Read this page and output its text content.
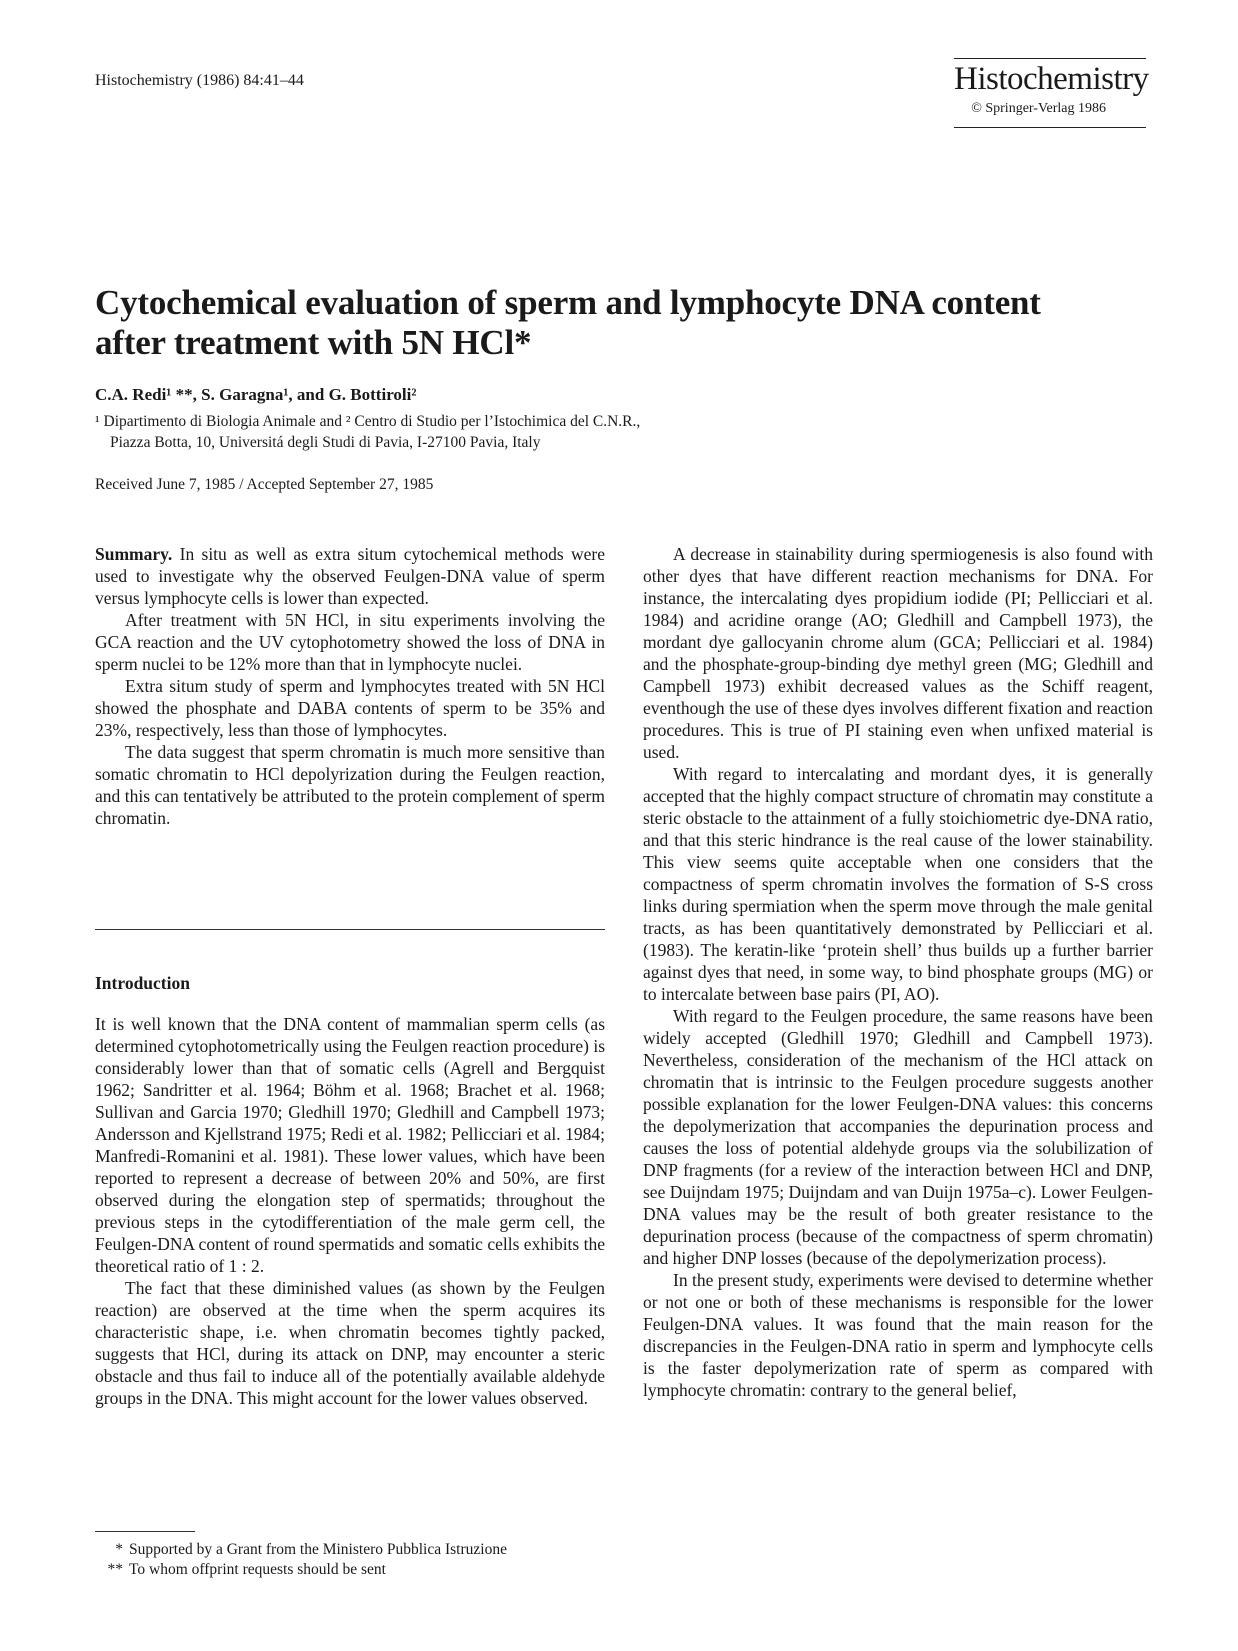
Histochemistry (1986) 84:41–44	Histochemistry
© Springer-Verlag 1986
Cytochemical evaluation of sperm and lymphocyte DNA content
after treatment with 5N HCl*
C.A. Redi¹ **, S. Garagna¹, and G. Bottiroli²
¹ Dipartimento di Biologia Animale and ² Centro di Studio per l’Istochimica del C.N.R.,
Piazza Botta, 10, Universitá degli Studi di Pavia, I-27100 Pavia, Italy
Received June 7, 1985 / Accepted September 27, 1985

Summary. In situ as well as extra situm cytochemical methods were used to investigate why the observed Feulgen-DNA value of sperm versus lymphocyte cells is lower than expected.

After treatment with 5N HCl, in situ experiments involving the GCA reaction and the UV cytophotometry showed the loss of DNA in sperm nuclei to be 12% more than that in lymphocyte nuclei.

Extra situm study of sperm and lymphocytes treated with 5N HCl showed the phosphate and DABA contents of sperm to be 35% and 23%, respectively, less than those of lymphocytes.

The data suggest that sperm chromatin is much more sensitive than somatic chromatin to HCl depolyrization during the Feulgen reaction, and this can tentatively be attributed to the protein complement of sperm chromatin.

Introduction

It is well known that the DNA content of mammalian sperm cells (as determined cytophotometrically using the Feulgen reaction procedure) is considerably lower than that of somatic cells (Agrell and Bergquist 1962; Sandritter et al. 1964; Böhm et al. 1968; Brachet et al. 1968; Sullivan and Garcia 1970; Gledhill 1970; Gledhill and Campbell 1973; Andersson and Kjellstrand 1975; Redi et al. 1982; Pellicciari et al. 1984; Manfredi-Romanini et al. 1981). These lower values, which have been reported to represent a decrease of between 20% and 50%, are first observed during the elongation step of spermatids; throughout the previous steps in the cytodifferentiation of the male germ cell, the Feulgen-DNA content of round spermatids and somatic cells exhibits the theoretical ratio of 1 : 2.

The fact that these diminished values (as shown by the Feulgen reaction) are observed at the time when the sperm acquires its characteristic shape, i.e. when chromatin becomes tightly packed, suggests that HCl, during its attack on DNP, may encounter a steric obstacle and thus fail to induce all of the potentially available aldehyde groups in the DNA. This might account for the lower values observed.

A decrease in stainability during spermiogenesis is also found with other dyes that have different reaction mechanisms for DNA. For instance, the intercalating dyes propidium iodide (PI; Pellicciari et al. 1984) and acridine orange (AO; Gledhill and Campbell 1973), the mordant dye gallocyanin chrome alum (GCA; Pellicciari et al. 1984) and the phosphate-group-binding dye methyl green (MG; Gledhill and Campbell 1973) exhibit decreased values as the Schiff reagent, eventhough the use of these dyes involves different fixation and reaction procedures. This is true of PI staining even when unfixed material is used.

With regard to intercalating and mordant dyes, it is generally accepted that the highly compact structure of chromatin may constitute a steric obstacle to the attainment of a fully stoichiometric dye-DNA ratio, and that this steric hindrance is the real cause of the lower stainability. This view seems quite acceptable when one considers that the compactness of sperm chromatin involves the formation of S-S cross links during spermiation when the sperm move through the male genital tracts, as has been quantitatively demonstrated by Pellicciari et al. (1983). The keratin-like ‘protein shell’ thus builds up a further barrier against dyes that need, in some way, to bind phosphate groups (MG) or to intercalate between base pairs (PI, AO).

With regard to the Feulgen procedure, the same reasons have been widely accepted (Gledhill 1970; Gledhill and Campbell 1973). Nevertheless, consideration of the mechanism of the HCl attack on chromatin that is intrinsic to the Feulgen procedure suggests another possible explanation for the lower Feulgen-DNA values: this concerns the depolymerization that accompanies the depurination process and causes the loss of potential aldehyde groups via the solubilization of DNP fragments (for a review of the interaction between HCl and DNP, see Duijndam 1975; Duijndam and van Duijn 1975a–c). Lower Feulgen-DNA values may be the result of both greater resistance to the depurination process (because of the compactness of sperm chromatin) and higher DNP losses (because of the depolymerization process).

In the present study, experiments were devised to determine whether or not one or both of these mechanisms is responsible for the lower Feulgen-DNA values. It was found that the main reason for the discrepancies in the Feulgen-DNA ratio in sperm and lymphocyte cells is the faster depolymerization rate of sperm as compared with lymphocyte chromatin: contrary to the general belief,

* Supported by a Grant from the Ministero Pubblica Istruzione
** To whom offprint requests should be sent
